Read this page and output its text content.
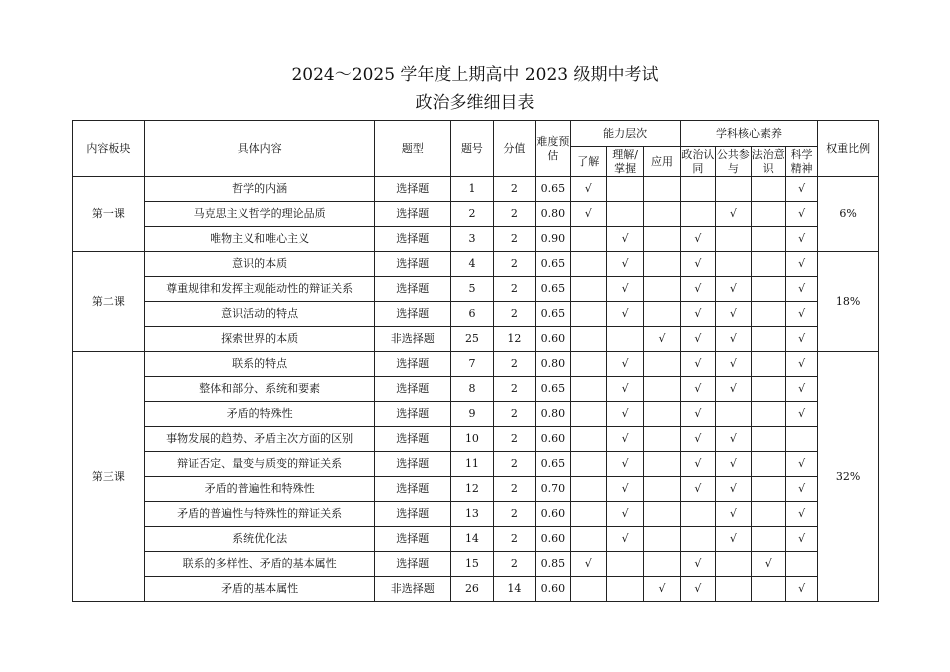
2024～2025 学年度上期高中 2023 级期中考试
政治多维细目表
内容板块	具体内容	题型	题号	分值	难度预估	能力层次			学科核心素养				权重比例
						了解	理解/掌握	应用	政治认同	公共参与	法治意识	科学精神	
第一课	哲学的内涵	选择题	1	2	0.65	√						√	6%
	马克思主义哲学的理论品质	选择题	2	2	0.80	√				√		√	
	唯物主义和唯心主义	选择题	3	2	0.90		√		√			√	
第二课	意识的本质	选择题	4	2	0.65		√		√			√	18%
	尊重规律和发挥主观能动性的辩证关系	选择题	5	2	0.65		√		√	√		√	
	意识活动的特点	选择题	6	2	0.65		√		√	√		√	
	探索世界的本质	非选择题	25	12	0.60			√	√	√		√	
第三课	联系的特点	选择题	7	2	0.80		√		√	√		√	32%
	整体和部分、系统和要素	选择题	8	2	0.65		√		√	√		√	
	矛盾的特殊性	选择题	9	2	0.80		√		√			√	
	事物发展的趋势、矛盾主次方面的区别	选择题	10	2	0.60		√		√	√			
	辩证否定、量变与质变的辩证关系	选择题	11	2	0.65		√		√	√		√	
	矛盾的普遍性和特殊性	选择题	12	2	0.70		√		√	√		√	
	矛盾的普遍性与特殊性的辩证关系	选择题	13	2	0.60		√			√		√	
	系统优化法	选择题	14	2	0.60		√			√		√	
	联系的多样性、矛盾的基本属性	选择题	15	2	0.85	√			√		√		
	矛盾的基本属性	非选择题	26	14	0.60			√	√			√	
